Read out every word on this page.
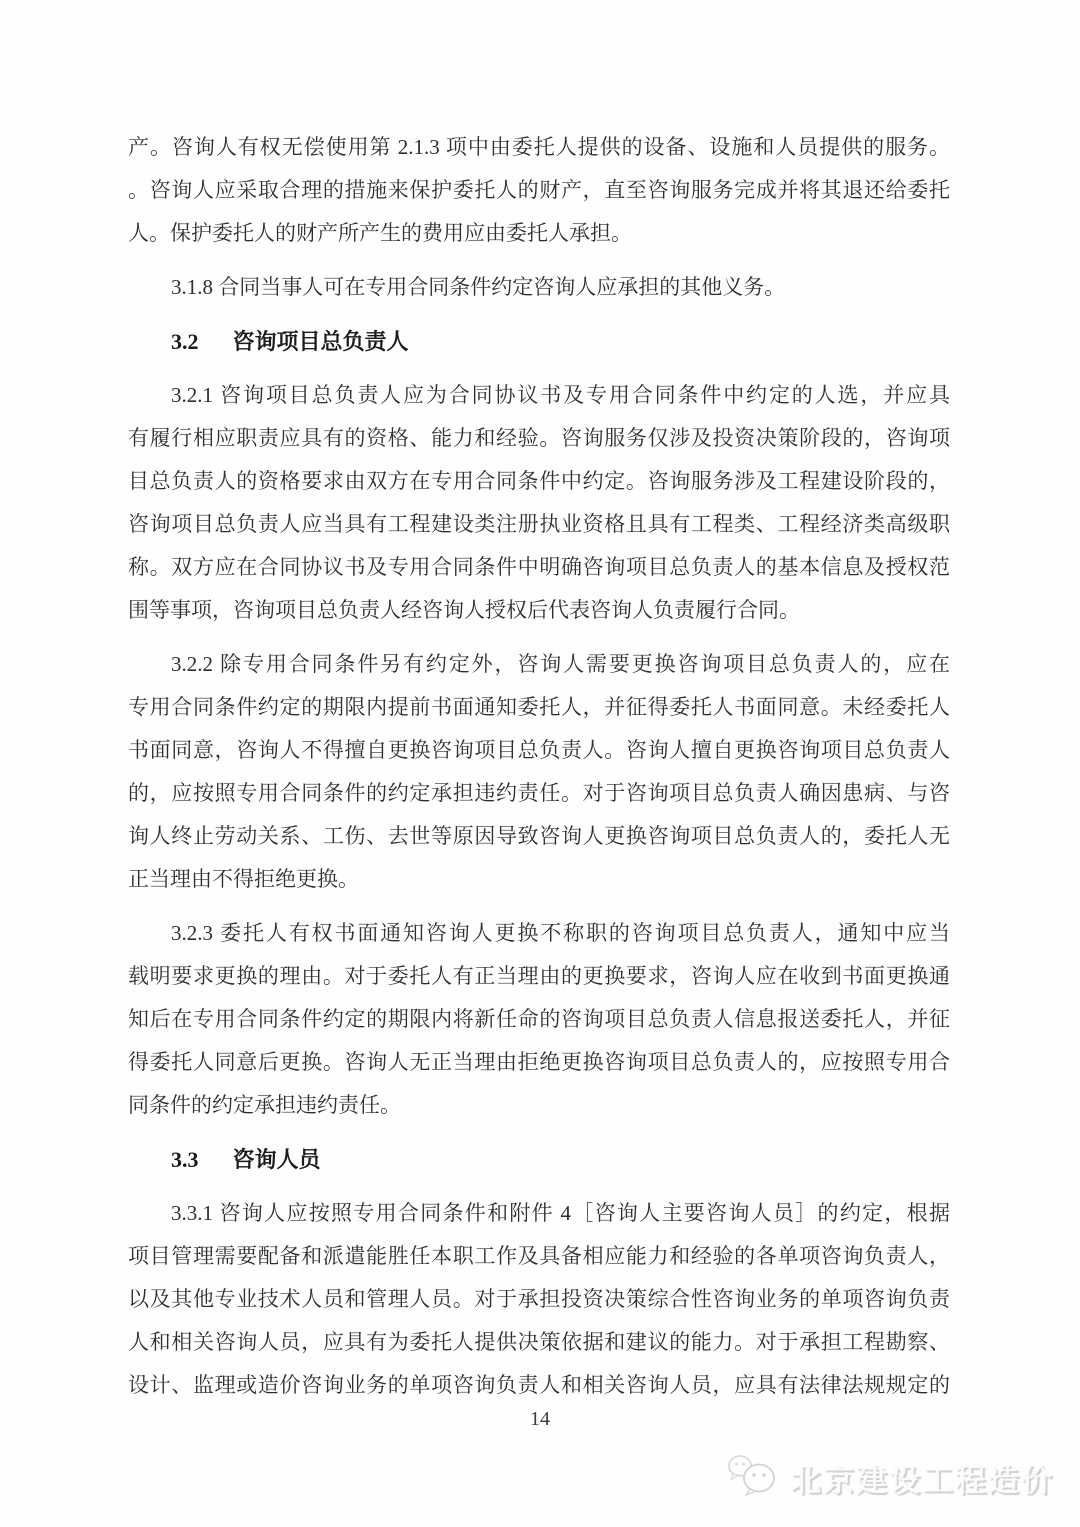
产。咨询人有权无偿使用第 2.1.3 项中由委托人提供的设备、设施和人员提供的服务。
。咨询人应采取合理的措施来保护委托人的财产，直至咨询服务完成并将其退还给委托
人。保护委托人的财产所产生的费用应由委托人承担。
3.1.8 合同当事人可在专用合同条件约定咨询人应承担的其他义务。
3.2 咨询项目总负责人
3.2.1 咨询项目总负责人应为合同协议书及专用合同条件中约定的人选，并应具
有履行相应职责应具有的资格、能力和经验。咨询服务仅涉及投资决策阶段的，咨询项
目总负责人的资格要求由双方在专用合同条件中约定。咨询服务涉及工程建设阶段的，
咨询项目总负责人应当具有工程建设类注册执业资格且具有工程类、工程经济类高级职
称。双方应在合同协议书及专用合同条件中明确咨询项目总负责人的基本信息及授权范
围等事项，咨询项目总负责人经咨询人授权后代表咨询人负责履行合同。
3.2.2 除专用合同条件另有约定外，咨询人需要更换咨询项目总负责人的，应在
专用合同条件约定的期限内提前书面通知委托人，并征得委托人书面同意。未经委托人
书面同意，咨询人不得擅自更换咨询项目总负责人。咨询人擅自更换咨询项目总负责人
的，应按照专用合同条件的约定承担违约责任。对于咨询项目总负责人确因患病、与咨
询人终止劳动关系、工伤、去世等原因导致咨询人更换咨询项目总负责人的，委托人无
正当理由不得拒绝更换。
3.2.3 委托人有权书面通知咨询人更换不称职的咨询项目总负责人，通知中应当
载明要求更换的理由。对于委托人有正当理由的更换要求，咨询人应在收到书面更换通
知后在专用合同条件约定的期限内将新任命的咨询项目总负责人信息报送委托人，并征
得委托人同意后更换。咨询人无正当理由拒绝更换咨询项目总负责人的，应按照专用合
同条件的约定承担违约责任。
3.3 咨询人员
3.3.1 咨询人应按照专用合同条件和附件 4［咨询人主要咨询人员］的约定，根据
项目管理需要配备和派遣能胜任本职工作及具备相应能力和经验的各单项咨询负责人，
以及其他专业技术人员和管理人员。对于承担投资决策综合性咨询业务的单项咨询负责
人和相关咨询人员，应具有为委托人提供决策依据和建议的能力。对于承担工程勘察、
设计、监理或造价咨询业务的单项咨询负责人和相关咨询人员，应具有法律法规规定的
14
北京建设工程造价
